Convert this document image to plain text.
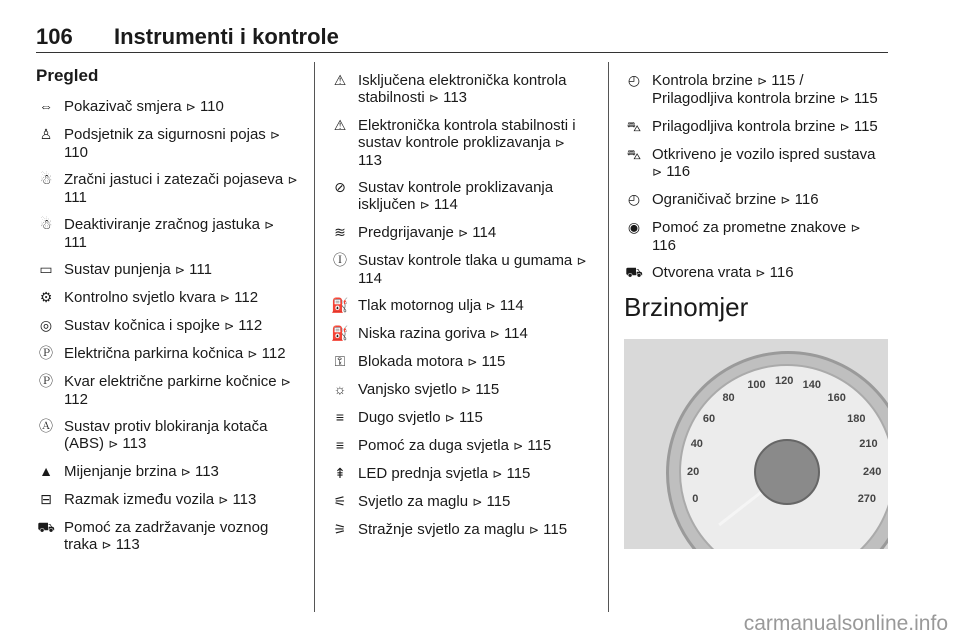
106 Instrumenti i kontrole
Pregled
⇔ Pokazivač smjera ⊳ 110
♙ Podsjetnik za sigurnosni pojas ⊳ 110
☃ Zračni jastuci i zatezači pojaseva ⊳ 111
☃ Deaktiviranje zračnog jastuka ⊳ 111
▭ Sustav punjenja ⊳ 111
⚙ Kontrolno svjetlo kvara ⊳ 112
◎ Sustav kočnica i spojke ⊳ 112
Ⓟ Električna parkirna kočnica ⊳ 112
Ⓟ Kvar električne parkirne kočnice ⊳ 112
Ⓐ Sustav protiv blokiranja kotača (ABS) ⊳ 113
▲ Mijenjanje brzina ⊳ 113
⊟ Razmak između vozila ⊳ 113
⛟ Pomoć za zadržavanje voznog traka ⊳ 113
⚠ Isključena elektronička kontrola stabilnosti ⊳ 113
⚠ Elektronička kontrola stabilnosti i sustav kontrole proklizavanja ⊳ 113
⊘ Sustav kontrole proklizavanja isključen ⊳ 114
≋ Predgrijavanje ⊳ 114
Ⓘ Sustav kontrole tlaka u gumama ⊳ 114
⛽ Tlak motornog ulja ⊳ 114
⛽ Niska razina goriva ⊳ 114
⚿ Blokada motora ⊳ 115
☼ Vanjsko svjetlo ⊳ 115
≡ Dugo svjetlo ⊳ 115
≡ Pomoć za duga svjetla ⊳ 115
⇞ LED prednja svjetla ⊳ 115
⚟ Svjetlo za maglu ⊳ 115
⚞ Stražnje svjetlo za maglu ⊳ 115
◴ Kontrola brzine ⊳ 115 / Prilagodljiva kontrola brzine ⊳ 115
⛍ Prilagodljiva kontrola brzine ⊳ 115
⛍ Otkriveno je vozilo ispred sustava ⊳ 116
◴ Ograničivač brzine ⊳ 116
◉ Pomoć za prometne znakove ⊳ 116
⛟ Otvorena vrata ⊳ 116
Brzinomjer
0
20
40
60
80
100 120 140
160
180
210
240
270
carmanualsonline.info
